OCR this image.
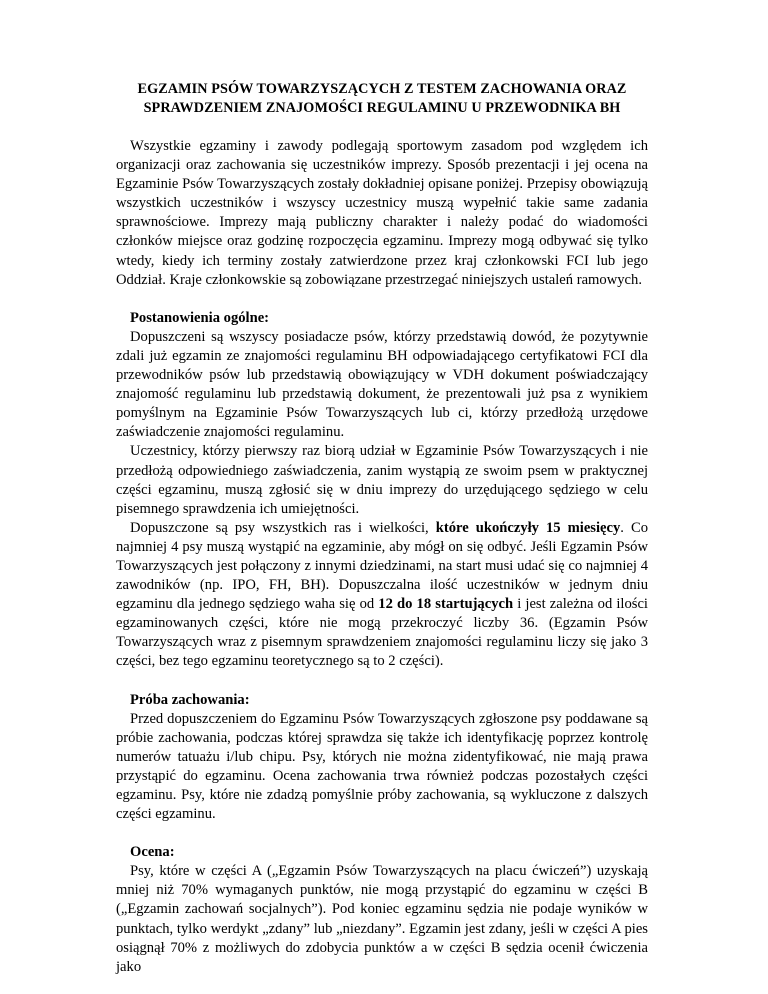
EGZAMIN PSÓW TOWARZYSZĄCYCH Z TESTEM ZACHOWANIA ORAZ
SPRAWDZENIEM ZNAJOMOŚCI REGULAMINU U PRZEWODNIKA BH

Wszystkie egzaminy i zawody podlegają sportowym zasadom pod względem ich organizacji oraz zachowania się uczestników imprezy. Sposób prezentacji i jej ocena na Egzaminie Psów Towarzyszących zostały dokładniej opisane poniżej. Przepisy obowiązują wszystkich uczestników i wszyscy uczestnicy muszą wypełnić takie same zadania sprawnościowe. Imprezy mają publiczny charakter i należy podać do wiadomości członków miejsce oraz godzinę rozpoczęcia egzaminu. Imprezy mogą odbywać się tylko wtedy, kiedy ich terminy zostały zatwierdzone przez kraj członkowski FCI lub jego Oddział. Kraje członkowskie są zobowiązane przestrzegać niniejszych ustaleń ramowych.

Postanowienia ogólne:

Dopuszczeni są wszyscy posiadacze psów, którzy przedstawią dowód, że pozytywnie zdali już egzamin ze znajomości regulaminu BH odpowiadającego certyfikatowi FCI dla przewodników psów lub przedstawią obowiązujący w VDH dokument poświadczający znajomość regulaminu lub przedstawią dokument, że prezentowali już psa z wynikiem pomyślnym na Egzaminie Psów Towarzyszących lub ci, którzy przedłożą urzędowe zaświadczenie znajomości regulaminu.

Uczestnicy, którzy pierwszy raz biorą udział w Egzaminie Psów Towarzyszących i nie przedłożą odpowiedniego zaświadczenia, zanim wystąpią ze swoim psem w praktycznej części egzaminu, muszą zgłosić się w dniu imprezy do urzędującego sędziego w celu pisemnego sprawdzenia ich umiejętności.

Dopuszczone są psy wszystkich ras i wielkości, które ukończyły 15 miesięcy. Co najmniej 4 psy muszą wystąpić na egzaminie, aby mógł on się odbyć. Jeśli Egzamin Psów Towarzyszących jest połączony z innymi dziedzinami, na start musi udać się co najmniej 4 zawodników (np. IPO, FH, BH). Dopuszczalna ilość uczestników w jednym dniu egzaminu dla jednego sędziego waha się od 12 do 18 startujących i jest zależna od ilości egzaminowanych części, które nie mogą przekroczyć liczby 36. (Egzamin Psów Towarzyszących wraz z pisemnym sprawdzeniem znajomości regulaminu liczy się jako 3 części, bez tego egzaminu teoretycznego są to 2 części).

Próba zachowania:

Przed dopuszczeniem do Egzaminu Psów Towarzyszących zgłoszone psy poddawane są próbie zachowania, podczas której sprawdza się także ich identyfikację poprzez kontrolę numerów tatuażu i/lub chipu. Psy, których nie można zidentyfikować, nie mają prawa przystąpić do egzaminu. Ocena zachowania trwa również podczas pozostałych części egzaminu. Psy, które nie zdadzą pomyślnie próby zachowania, są wykluczone z dalszych części egzaminu.

Ocena:

Psy, które w części A („Egzamin Psów Towarzyszących na placu ćwiczeń”) uzyskają mniej niż 70% wymaganych punktów, nie mogą przystąpić do egzaminu w części B („Egzamin zachowań socjalnych”). Pod koniec egzaminu sędzia nie podaje wyników w punktach, tylko werdykt „zdany” lub „niezdany”. Egzamin jest zdany, jeśli w części A pies osiągnął 70% z możliwych do zdobycia punktów a w części B sędzia ocenił ćwiczenia jako
